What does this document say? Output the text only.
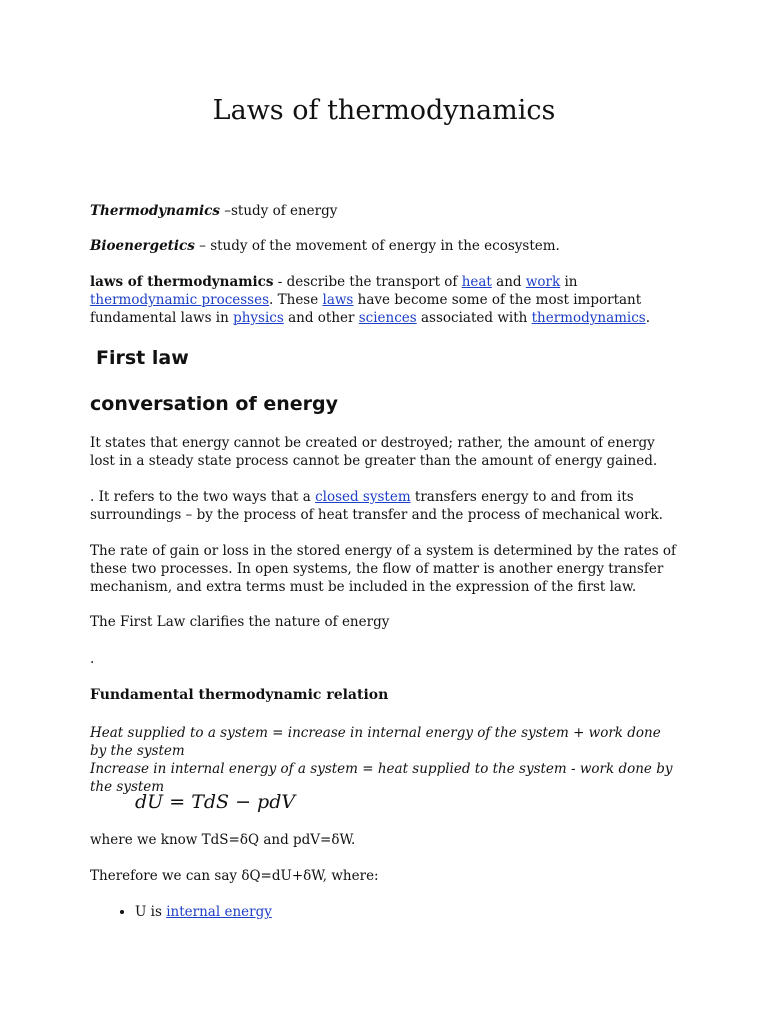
Laws of thermodynamics

Thermodynamics –study of energy

Bioenergetics – study of the movement of energy in the ecosystem.

laws of thermodynamics - describe the transport of heat and work in thermodynamic processes. These laws have become some of the most important fundamental laws in physics and other sciences associated with thermodynamics.

First law
conversation of energy

It states that energy cannot be created or destroyed; rather, the amount of energy lost in a steady state process cannot be greater than the amount of energy gained.

. It refers to the two ways that a closed system transfers energy to and from its surroundings – by the process of heat transfer and the process of mechanical work.

The rate of gain or loss in the stored energy of a system is determined by the rates of these two processes. In open systems, the flow of matter is another energy transfer mechanism, and extra terms must be included in the expression of the first law.

The First Law clarifies the nature of energy

.

Fundamental thermodynamic relation

Heat supplied to a system = increase in internal energy of the system + work done by the system

Increase in internal energy of a system = heat supplied to the system - work done by the system

dU = TdS − pdV

where we know TdS=δQ and pdV=δW.

Therefore we can say δQ=dU+δW, where:

• U is internal energy
